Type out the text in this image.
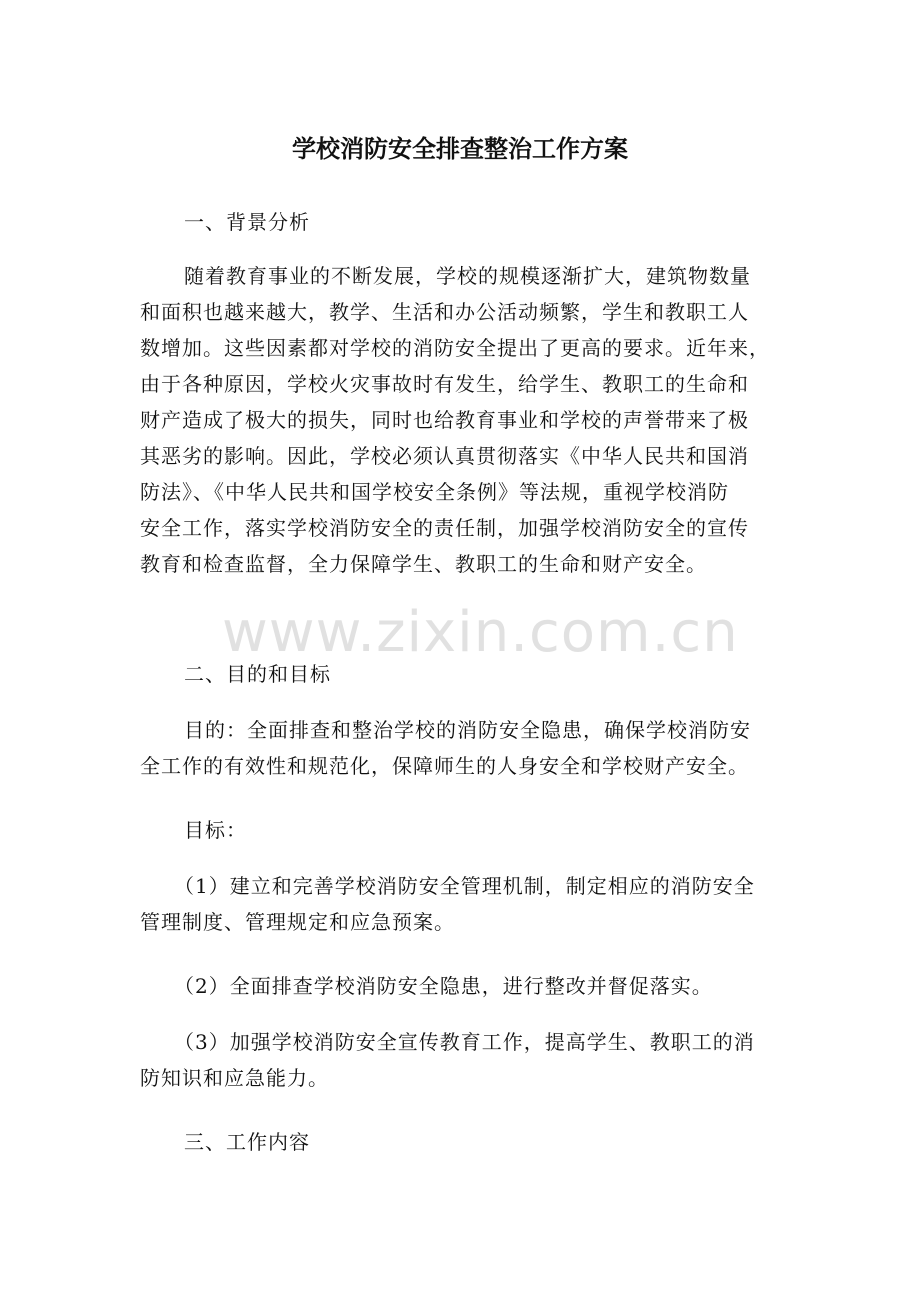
学校消防安全排查整治工作方案
一、背景分析
随着教育事业的不断发展，学校的规模逐渐扩大，建筑物数量
和面积也越来越大，教学、生活和办公活动频繁，学生和教职工人
数增加。这些因素都对学校的消防安全提出了更高的要求。近年来，
由于各种原因，学校火灾事故时有发生，给学生、教职工的生命和
财产造成了极大的损失，同时也给教育事业和学校的声誉带来了极
其恶劣的影响。因此，学校必须认真贯彻落实《中华人民共和国消
防法》、《中华人民共和国学校安全条例》等法规，重视学校消防
安全工作，落实学校消防安全的责任制，加强学校消防安全的宣传
教育和检查监督，全力保障学生、教职工的生命和财产安全。
二、目的和目标
目的：全面排查和整治学校的消防安全隐患，确保学校消防安
全工作的有效性和规范化，保障师生的人身安全和学校财产安全。
目标：
（1）建立和完善学校消防安全管理机制，制定相应的消防安全
管理制度、管理规定和应急预案。
（2）全面排查学校消防安全隐患，进行整改并督促落实。
（3）加强学校消防安全宣传教育工作，提高学生、教职工的消
防知识和应急能力。
三、工作内容
www.zixin.com.cn
